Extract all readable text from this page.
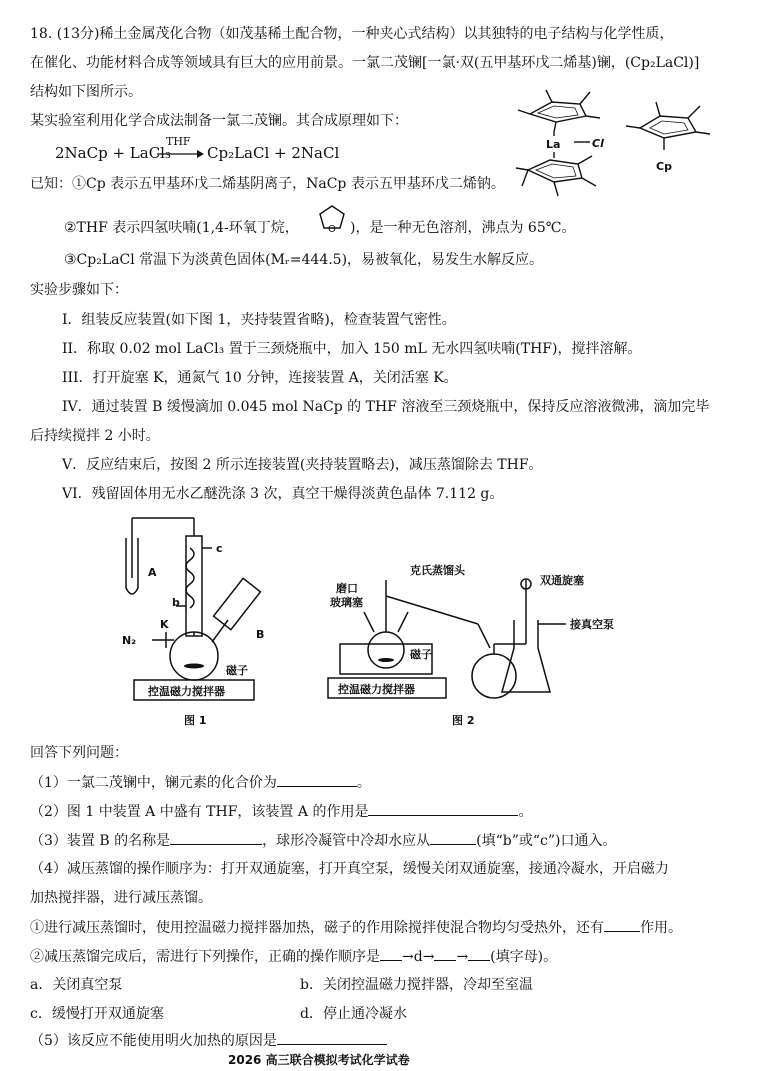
18. (13分)稀土金属茂化合物（如茂基稀土配合物，一种夹心式结构）以其独特的电子结构与化学性质，
在催化、功能材料合成等领域具有巨大的应用前景。一氯二茂镧[一氯·双(五甲基环戊二烯基)镧，(Cp₂LaCl)]
结构如下图所示。
某实验室利用化学合成法制备一氯二茂镧。其合成原理如下：
2NaCp + LaCl₃
THF
→ Cp₂LaCl + 2NaCl	La	Cl
Cp
已知：①Cp 表示五甲基环戊二烯基阴离子，NaCp 表示五甲基环戊二烯钠。
②THF 表示四氢呋喃(1,4-环氧丁烷，	O )，是一种无色溶剂，沸点为 65℃。
③Cp₂LaCl 常温下为淡黄色固体(Mᵣ=444.5)，易被氧化，易发生水解反应。
实验步骤如下：
I．组装反应装置(如下图 1，夹持装置省略)，检查装置气密性。
II．称取 0.02 mol LaCl₃ 置于三颈烧瓶中，加入 150 mL 无水四氢呋喃(THF)，搅拌溶解。
III．打开旋塞 K，通氮气 10 分钟，连接装置 A，关闭活塞 K。
IV．通过装置 B 缓慢滴加 0.045 mol NaCp 的 THF 溶液至三颈烧瓶中，保持反应溶液微沸，滴加完毕
后持续搅拌 2 小时。
V．反应结束后，按图 2 所示连接装置(夹持装置略去)，减压蒸馏除去 THF。
VI．残留固体用无水乙醚洗涤 3 次，真空干燥得淡黄色晶体 7.112 g。
A
b
c
K
N₂	B
磁子
控温磁力搅拌器
图 1
克氏蒸馏头
磨口
玻璃塞
双通旋塞
接真空泵
磁子
控温磁力搅拌器
图 2
回答下列问题：
（1）一氯二茂镧中，镧元素的化合价为	。
（2）图 1 中装置 A 中盛有 THF，该装置 A 的作用是	。
（3）装置 B 的名称是	，球形冷凝管中冷却水应从	(填“b”或“c”)口通入。
（4）减压蒸馏的操作顺序为：打开双通旋塞，打开真空泵，缓慢关闭双通旋塞，接通冷凝水，开启磁力
加热搅拌器，进行减压蒸馏。
①进行减压蒸馏时，使用控温磁力搅拌器加热，磁子的作用除搅拌使混合物均匀受热外，还有	作用。
②减压蒸馏完成后，需进行下列操作，正确的操作顺序是 →d→ → (填字母)。
a．关闭真空泵	b．关闭控温磁力搅拌器，冷却至室温
c．缓慢打开双通旋塞	d．停止通冷凝水
（5）该反应不能使用明火加热的原因是
2026 高三联合模拟考试化学试卷
